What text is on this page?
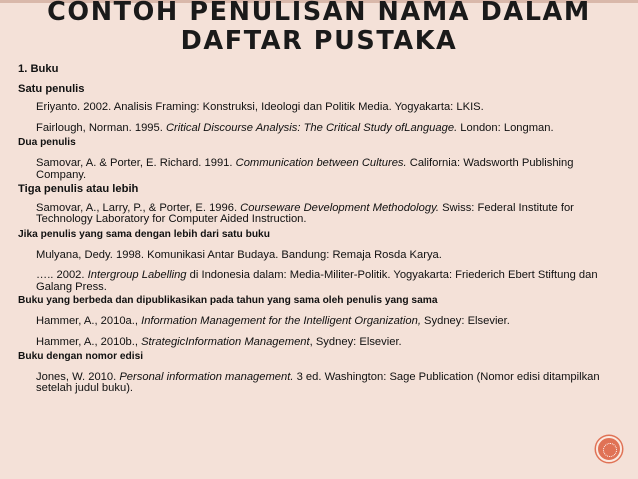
CONTOH PENULISAN NAMA DALAM
DAFTAR PUSTAKA
1. Buku
Satu penulis
Eriyanto. 2002. Analisis Framing: Konstruksi, Ideologi dan Politik Media. Yogyakarta: LKIS.
Fairlough, Norman. 1995. Critical Discourse Analysis: The Critical Study ofLanguage. London: Longman.
Dua penulis
Samovar, A. & Porter, E. Richard. 1991. Communication between Cultures. California: Wadsworth Publishing Company.
Tiga penulis atau lebih
Samovar, A., Larry, P., & Porter, E. 1996. Courseware Development Methodology. Swiss: Federal Institute for Technology Laboratory for Computer Aided Instruction.
Jika penulis yang sama dengan lebih dari satu buku
Mulyana, Dedy. 1998. Komunikasi Antar Budaya. Bandung: Remaja Rosda Karya.
….. 2002. Intergroup Labelling di Indonesia dalam: Media-Militer-Politik. Yogyakarta: Friederich Ebert Stiftung dan Galang Press.
Buku yang berbeda dan dipublikasikan pada tahun yang sama oleh penulis yang sama
Hammer, A., 2010a., Information Management for the Intelligent Organization, Sydney: Elsevier.
Hammer, A., 2010b., StrategicInformation Management, Sydney: Elsevier.
Buku dengan nomor edisi
Jones, W. 2010. Personal information management. 3 ed. Washington: Sage Publication (Nomor edisi ditampilkan setelah judul buku).
